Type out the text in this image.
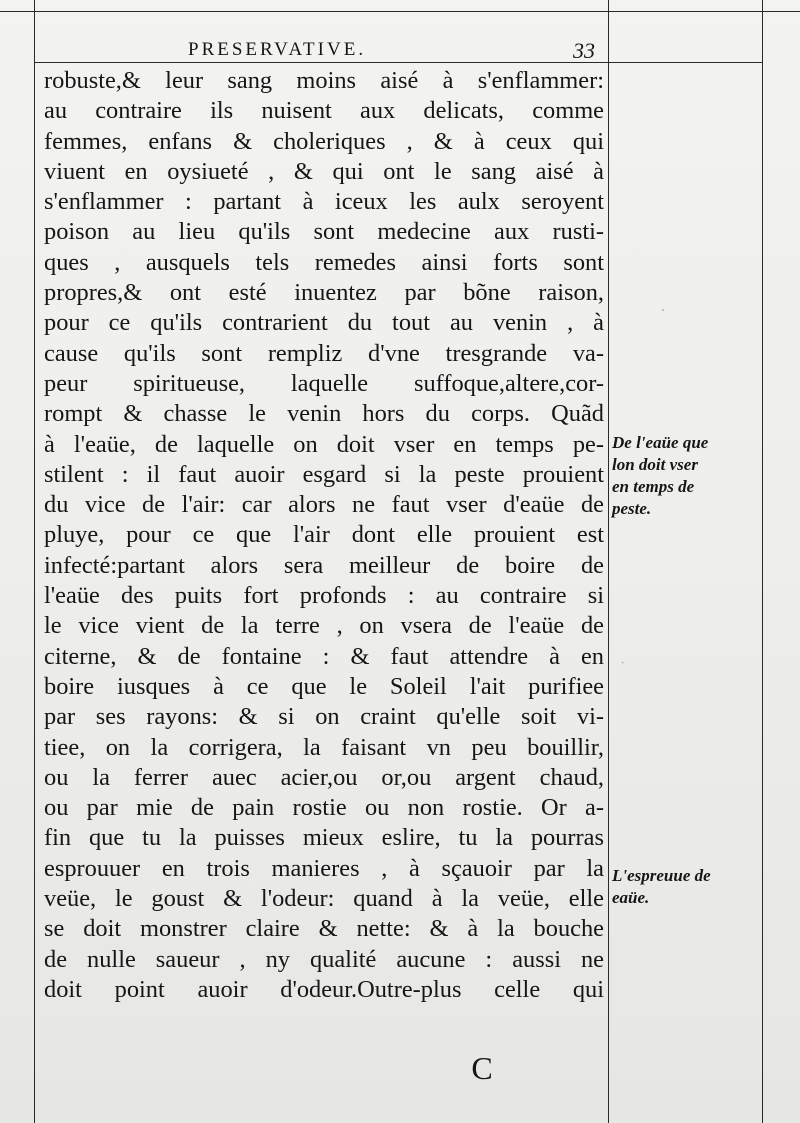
·
·
PRESERVATIVE.	33
robuste,& leur sang moins aisé à s'enflammer:
au contraire ils nuisent aux delicats, comme
femmes, enfans & choleriques , & à ceux qui
viuent en oysiueté , & qui ont le sang aisé à
s'enflammer : partant à iceux les aulx seroyent
poison au lieu qu'ils sont medecine aux rusti-
ques , ausquels tels remedes ainsi forts sont
propres,& ont esté inuentez par bõne raison,
pour ce qu'ils contrarient du tout au venin , à
cause qu'ils sont rempliz d'vne tresgrande va-
peur spiritueuse, laquelle suffoque,altere,cor-
rompt & chasse le venin hors du corps. Quãd
à l'eaüe, de laquelle on doit vser en temps pe-
stilent : il faut auoir esgard si la peste prouient
du vice de l'air: car alors ne faut vser d'eaüe de
pluye, pour ce que l'air dont elle prouient est
infecté:partant alors sera meilleur de boire de
l'eaüe des puits fort profonds : au contraire si
le vice vient de la terre , on vsera de l'eaüe de
citerne, & de fontaine : & faut attendre à en
boire iusques à ce que le Soleil l'ait purifiee
par ses rayons: & si on craint qu'elle soit vi-
tiee, on la corrigera, la faisant vn peu bouillir,
ou la ferrer auec acier,ou or,ou argent chaud,
ou par mie de pain rostie ou non rostie. Or a-
fin que tu la puisses mieux eslire, tu la pourras
esprouuer en trois manieres , à sçauoir par la
veüe, le goust & l'odeur: quand à la veüe, elle
se doit monstrer claire & nette: & à la bouche
de nulle saueur , ny qualité aucune : aussi ne
doit point auoir d'odeur.Outre-plus celle qui
De l'eaüe que
lon doit vser
en temps de
peste.
L'espreuue de
eaüe.
C
